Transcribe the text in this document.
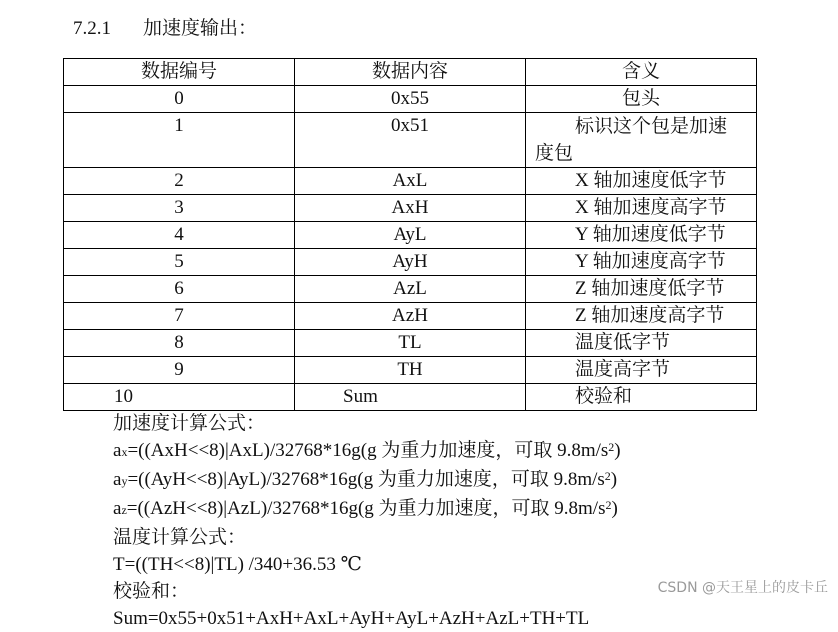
7.2.1 加速度输出：
数据编号	数据内容	含义
0	0x55	包头
1	0x51	标识这个包是加速度包
2	AxL	X 轴加速度低字节
3	AxH	X 轴加速度高字节
4	AyL	Y 轴加速度低字节
5	AyH	Y 轴加速度高字节
6	AzL	Z 轴加速度低字节
7	AzH	Z 轴加速度高字节
8	TL	温度低字节
9	TH	温度高字节
10	Sum	校验和
加速度计算公式：
ax=((AxH<<8)|AxL)/32768*16g(g 为重力加速度，可取 $9.8m/s^2$)
ay=((AyH<<8)|AyL)/32768*16g(g 为重力加速度，可取 $9.8m/s^2$)
az=((AzH<<8)|AzL)/32768*16g(g 为重力加速度，可取 $9.8m/s^2$)
温度计算公式：
T=((TH<<8)|TL) /340+36.53 ℃
校验和：
Sum=0x55+0x51+AxH+AxL+AyH+AyL+AzH+AzL+TH+TL
CSDN @天王星上的皮卡丘
